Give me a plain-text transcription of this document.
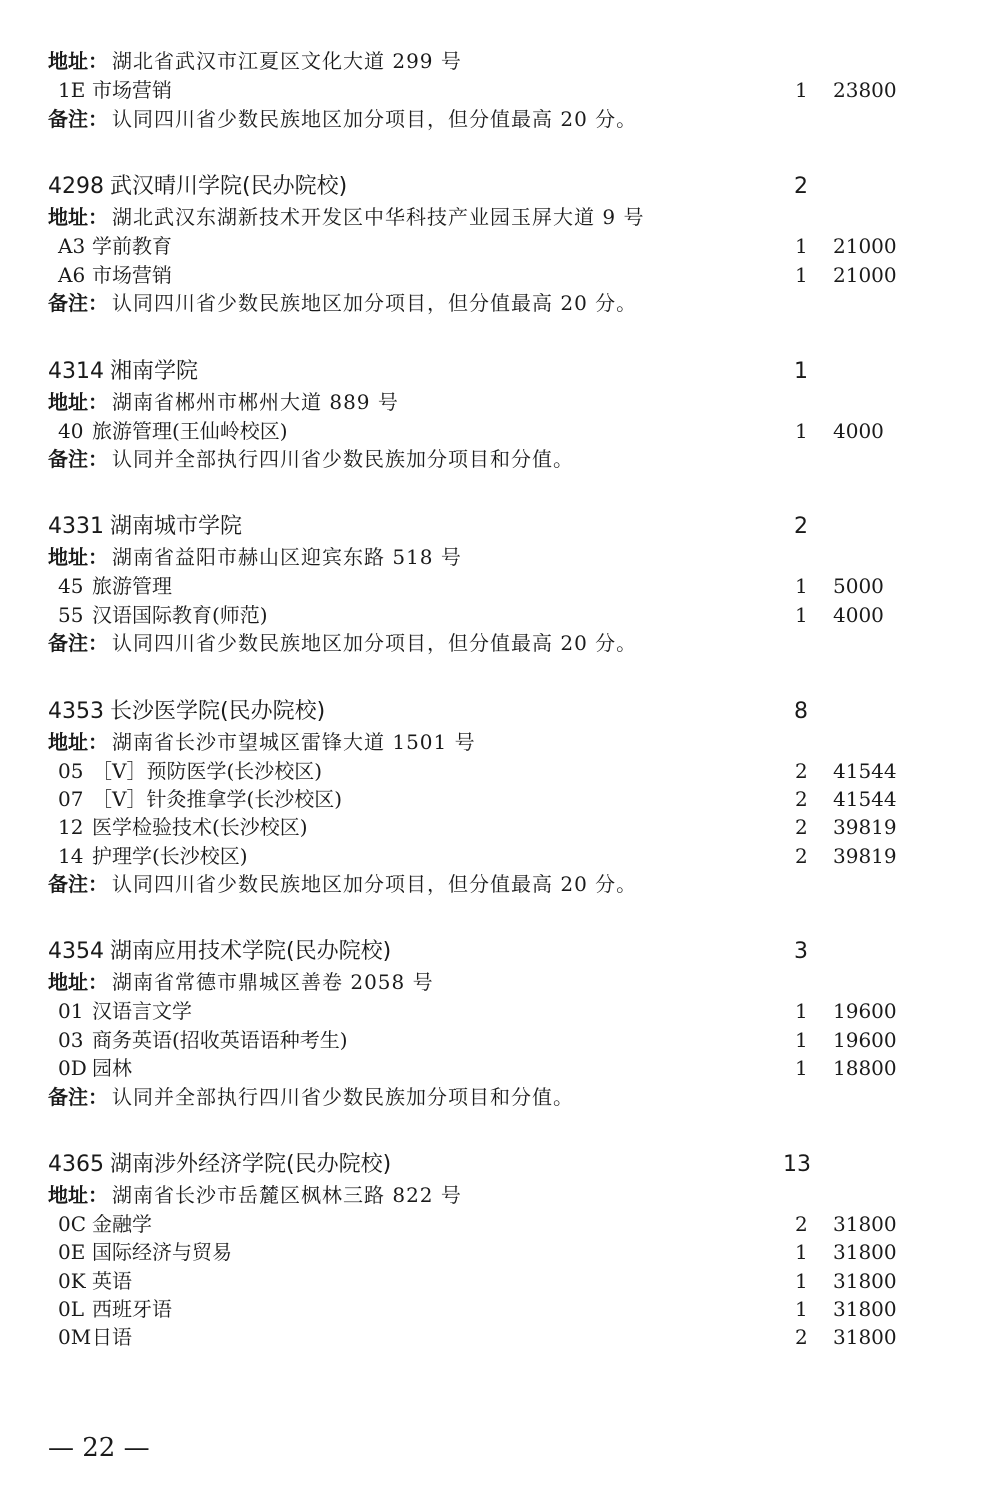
地址： 湖北省武汉市江夏区文化大道 299 号
1E 市场营销	1 23800
备注： 认同四川省少数民族地区加分项目，但分值最高 20 分。
4298 武汉晴川学院(民办院校)	2
地址： 湖北武汉东湖新技术开发区中华科技产业园玉屏大道 9 号
A3 学前教育	1 21000
A6 市场营销	1 21000
备注： 认同四川省少数民族地区加分项目，但分值最高 20 分。
4314 湘南学院	1
地址： 湖南省郴州市郴州大道 889 号
40 旅游管理(王仙岭校区)	1 4000
备注： 认同并全部执行四川省少数民族加分项目和分值。
4331 湖南城市学院	2
地址： 湖南省益阳市赫山区迎宾东路 518 号
45 旅游管理	1 5000
55 汉语国际教育(师范)	1 4000
备注： 认同四川省少数民族地区加分项目，但分值最高 20 分。
4353 长沙医学院(民办院校)	8
地址： 湖南省长沙市望城区雷锋大道 1501 号
05 ［V］预防医学(长沙校区)	2 41544
07 ［V］针灸推拿学(长沙校区)	2 41544
12 医学检验技术(长沙校区)	2 39819
14 护理学(长沙校区)	2 39819
备注： 认同四川省少数民族地区加分项目，但分值最高 20 分。
4354 湖南应用技术学院(民办院校)	3
地址： 湖南省常德市鼎城区善卷 2058 号
01 汉语言文学	1 19600
03 商务英语(招收英语语种考生)	1 19600
0D 园林	1 18800
备注： 认同并全部执行四川省少数民族加分项目和分值。
4365 湖南涉外经济学院(民办院校)	13
地址： 湖南省长沙市岳麓区枫林三路 822 号
0C 金融学	2 31800
0E 国际经济与贸易	1 31800
0K 英语	1 31800
0L 西班牙语	1 31800
0M 日语	2 31800
— 22 —
